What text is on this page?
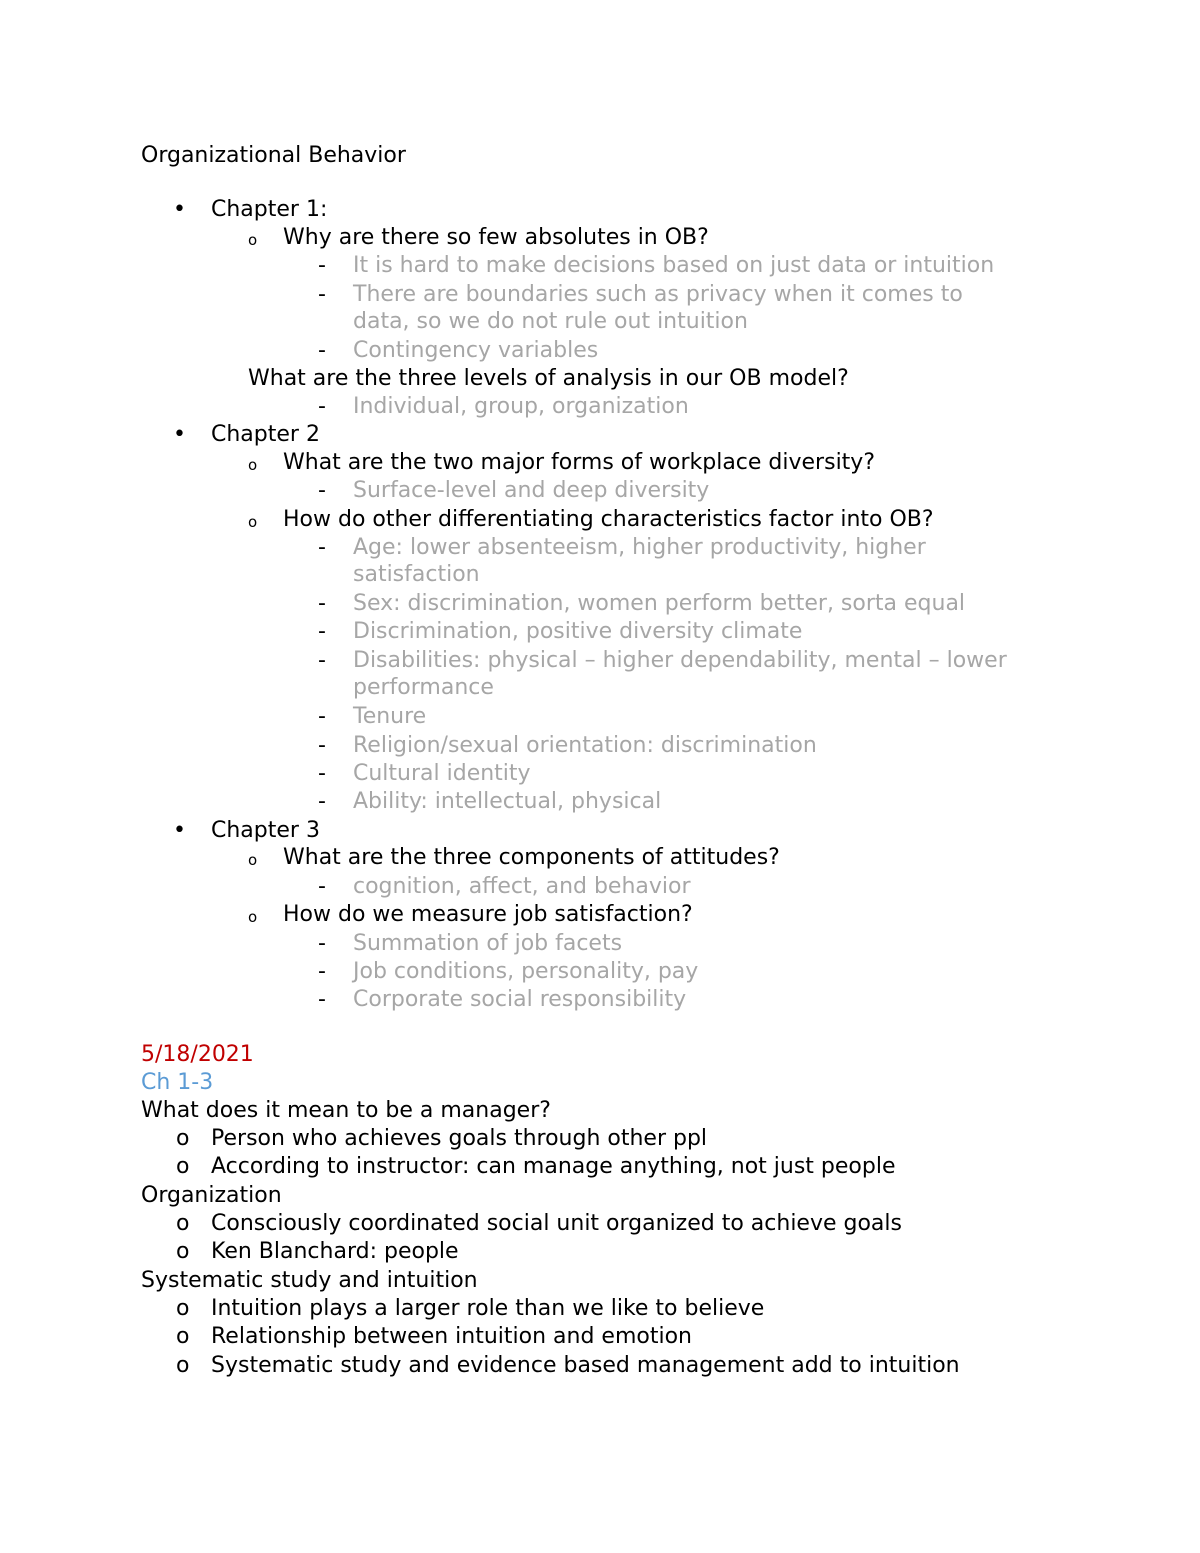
Organizational Behavior
• Chapter 1:
o Why are there so few absolutes in OB?
- It is hard to make decisions based on just data or intuition
- There are boundaries such as privacy when it comes to
data, so we do not rule out intuition
- Contingency variables
What are the three levels of analysis in our OB model?
- Individual, group, organization
• Chapter 2
o What are the two major forms of workplace diversity?
- Surface-level and deep diversity
o How do other differentiating characteristics factor into OB?
- Age: lower absenteeism, higher productivity, higher
satisfaction
- Sex: discrimination, women perform better, sorta equal
- Discrimination, positive diversity climate
- Disabilities: physical – higher dependability, mental – lower
performance
- Tenure
- Religion/sexual orientation: discrimination
- Cultural identity
- Ability: intellectual, physical
• Chapter 3
o What are the three components of attitudes?
- cognition, affect, and behavior
o How do we measure job satisfaction?
- Summation of job facets
- Job conditions, personality, pay
- Corporate social responsibility
5/18/2021
Ch 1-3
What does it mean to be a manager?
o Person who achieves goals through other ppl
o According to instructor: can manage anything, not just people
Organization
o Consciously coordinated social unit organized to achieve goals
o Ken Blanchard: people
Systematic study and intuition
o Intuition plays a larger role than we like to believe
o Relationship between intuition and emotion
o Systematic study and evidence based management add to intuition
